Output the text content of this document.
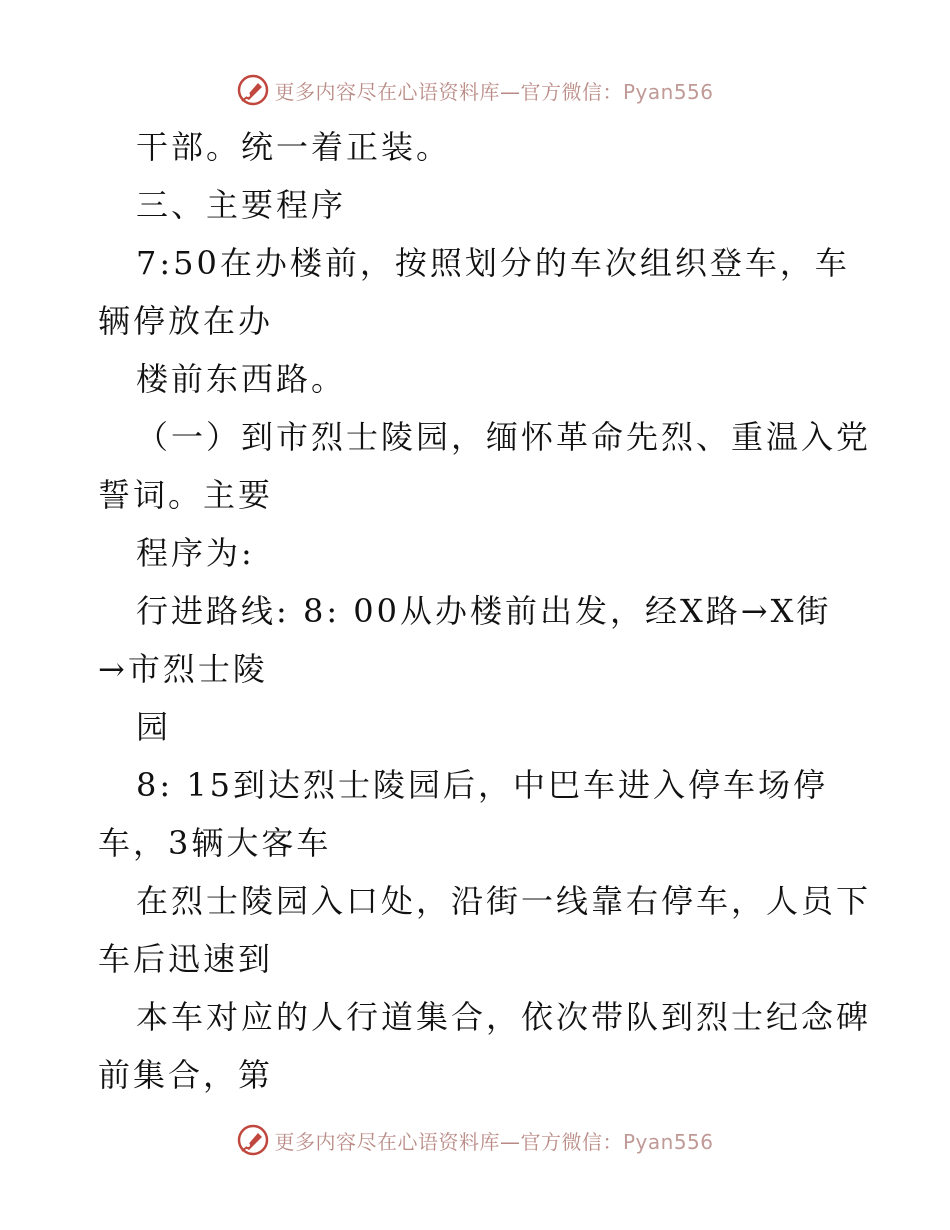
更多内容尽在心语资料库—官方微信：Pyan556
干部。统一着正装。
三、主要程序
7:50在办楼前，按照划分的车次组织登车，车
辆停放在办
楼前东西路。
（一）到市烈士陵园，缅怀革命先烈、重温入党
誓词。主要
程序为:
行进路线: 8: 00从办楼前出发，经X路→X街
→市烈士陵
园
8: 15到达烈士陵园后，中巴车进入停车场停
车，3辆大客车
在烈士陵园入口处，沿街一线靠右停车，人员下
车后迅速到
本车对应的人行道集合，依次带队到烈士纪念碑
前集合，第
更多内容尽在心语资料库—官方微信：Pyan556
